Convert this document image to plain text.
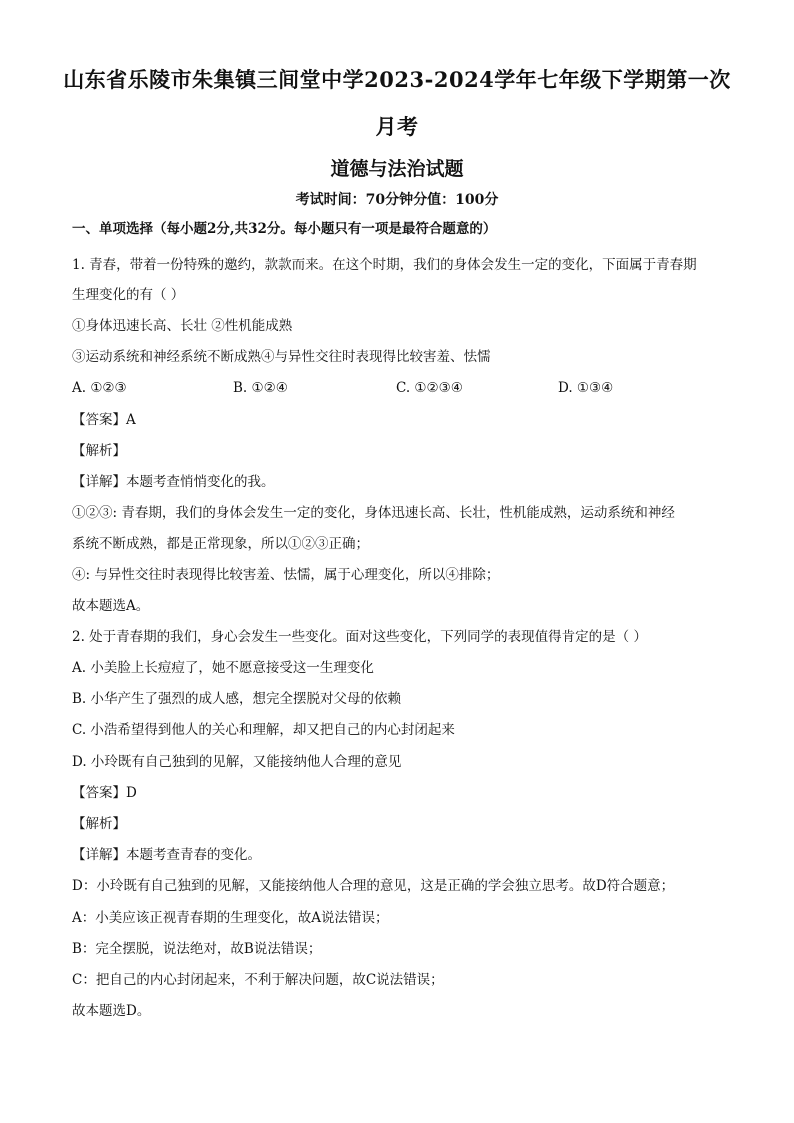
山东省乐陵市朱集镇三间堂中学2023-2024学年七年级下学期第一次
月考
道德与法治试题
考试时间：70分钟分值：100分
一、单项选择（每小题2分,共32分。每小题只有一项是最符合题意的）
1. 青春，带着一份特殊的邀约，款款而来。在这个时期，我们的身体会发生一定的变化，下面属于青春期
生理变化的有（ ）
①身体迅速长高、长壮 ②性机能成熟
③运动系统和神经系统不断成熟④与异性交往时表现得比较害羞、怯懦
A. ①②③	B. ①②④	C. ①②③④	D. ①③④
【答案】A
【解析】
【详解】本题考查悄悄变化的我。
①②③: 青春期，我们的身体会发生一定的变化，身体迅速长高、长壮，性机能成熟，运动系统和神经
系统不断成熟，都是正常现象，所以①②③正确；
④: 与异性交往时表现得比较害羞、怯懦，属于心理变化，所以④排除；
故本题选A。
2. 处于青春期的我们，身心会发生一些变化。面对这些变化，下列同学的表现值得肯定的是（ ）
A. 小美脸上长痘痘了，她不愿意接受这一生理变化
B. 小华产生了强烈的成人感，想完全摆脱对父母的依赖
C. 小浩希望得到他人的关心和理解，却又把自己的内心封闭起来
D. 小玲既有自己独到的见解，又能接纳他人合理的意见
【答案】D
【解析】
【详解】本题考查青春的变化。
D：小玲既有自己独到的见解，又能接纳他人合理的意见，这是正确的学会独立思考。故D符合题意；
A：小美应该正视青春期的生理变化，故A说法错误；
B：完全摆脱，说法绝对，故B说法错误；
C：把自己的内心封闭起来，不利于解决问题，故C说法错误；
故本题选D。
